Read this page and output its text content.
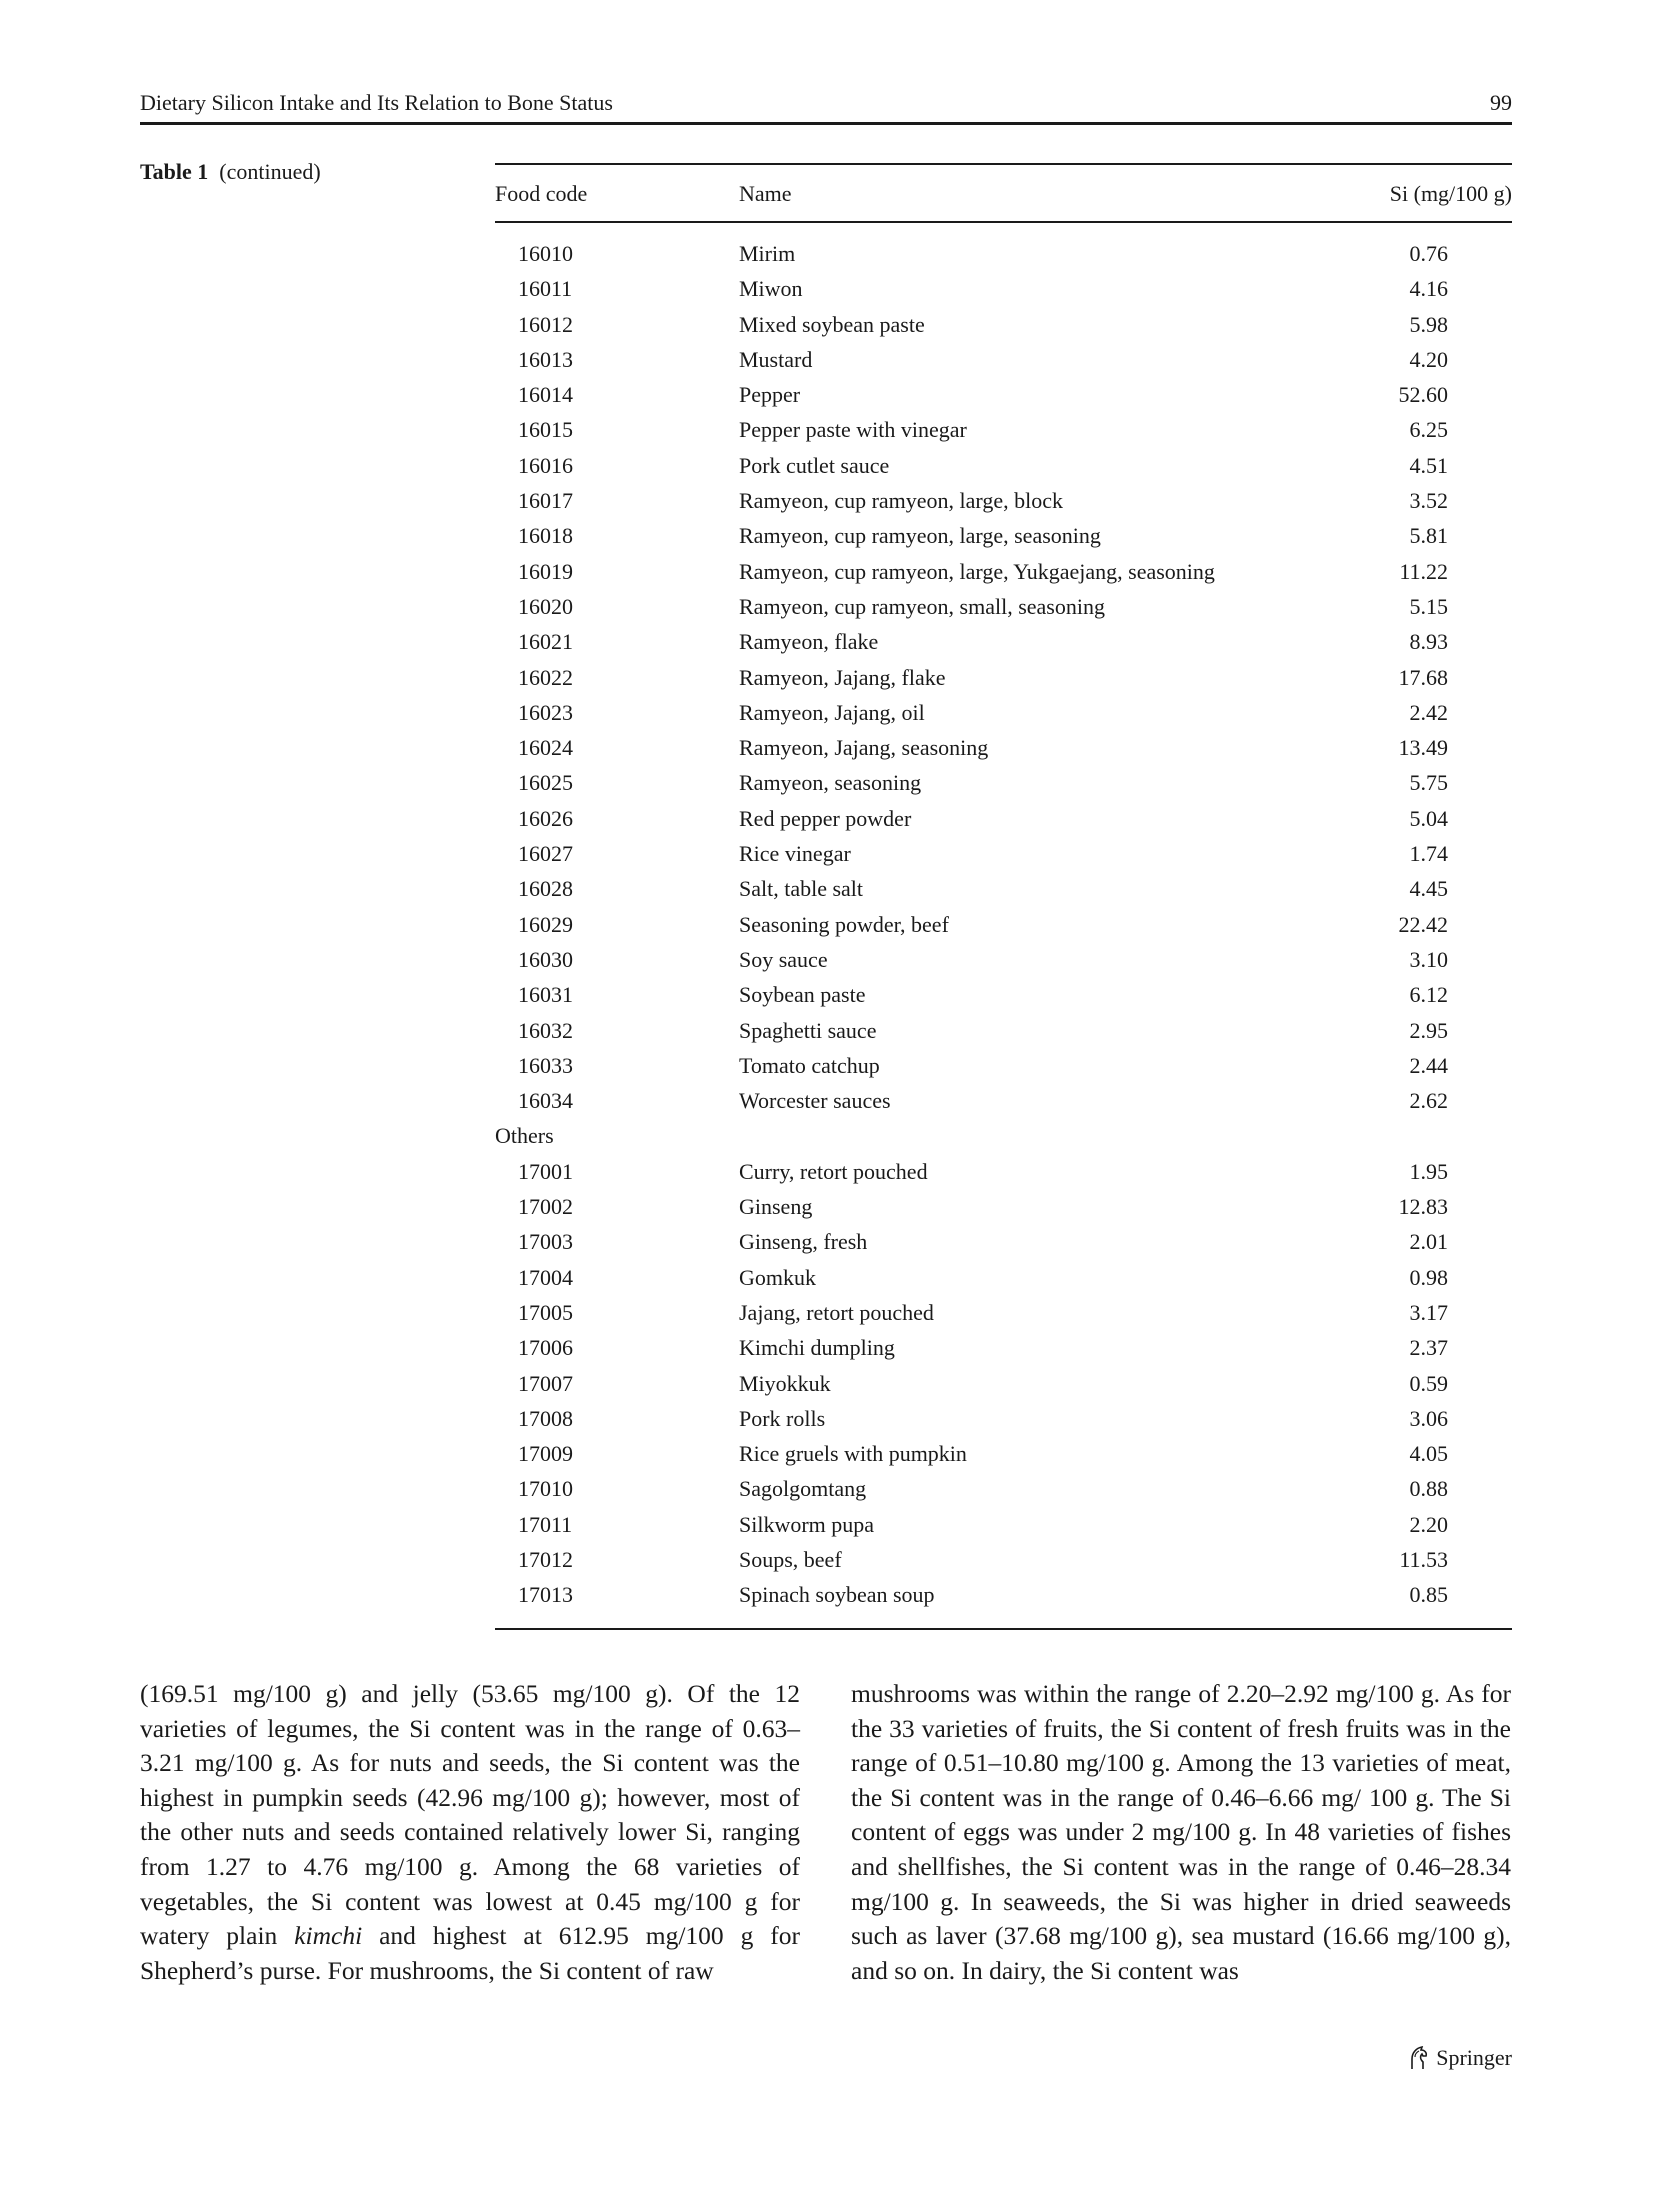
Dietary Silicon Intake and Its Relation to Bone Status	99
Table 1 (continued)
Food code	Name	Si (mg/100 g)
16010	Mirim	0.76
16011	Miwon	4.16
16012	Mixed soybean paste	5.98
16013	Mustard	4.20
16014	Pepper	52.60
16015	Pepper paste with vinegar	6.25
16016	Pork cutlet sauce	4.51
16017	Ramyeon, cup ramyeon, large, block	3.52
16018	Ramyeon, cup ramyeon, large, seasoning	5.81
16019	Ramyeon, cup ramyeon, large, Yukgaejang, seasoning	11.22
16020	Ramyeon, cup ramyeon, small, seasoning	5.15
16021	Ramyeon, flake	8.93
16022	Ramyeon, Jajang, flake	17.68
16023	Ramyeon, Jajang, oil	2.42
16024	Ramyeon, Jajang, seasoning	13.49
16025	Ramyeon, seasoning	5.75
16026	Red pepper powder	5.04
16027	Rice vinegar	1.74
16028	Salt, table salt	4.45
16029	Seasoning powder, beef	22.42
16030	Soy sauce	3.10
16031	Soybean paste	6.12
16032	Spaghetti sauce	2.95
16033	Tomato catchup	2.44
16034	Worcester sauces	2.62
Others
17001	Curry, retort pouched	1.95
17002	Ginseng	12.83
17003	Ginseng, fresh	2.01
17004	Gomkuk	0.98
17005	Jajang, retort pouched	3.17
17006	Kimchi dumpling	2.37
17007	Miyokkuk	0.59
17008	Pork rolls	3.06
17009	Rice gruels with pumpkin	4.05
17010	Sagolgomtang	0.88
17011	Silkworm pupa	2.20
17012	Soups, beef	11.53
17013	Spinach soybean soup	0.85
(169.51 mg/100 g) and jelly (53.65 mg/100 g). Of the 12 varieties of legumes, the Si content was in the range of 0.63–3.21 mg/100 g. As for nuts and seeds, the Si content was the highest in pumpkin seeds (42.96 mg/100 g); however, most of the other nuts and seeds contained relatively lower Si, ranging from 1.27 to 4.76 mg/100 g. Among the 68 varieties of vegetables, the Si content was lowest at 0.45 mg/100 g for watery plain kimchi and highest at 612.95 mg/100 g for Shepherd’s purse. For mushrooms, the Si content of raw
mushrooms was within the range of 2.20–2.92 mg/100 g. As for the 33 varieties of fruits, the Si content of fresh fruits was in the range of 0.51–10.80 mg/100 g. Among the 13 varieties of meat, the Si content was in the range of 0.46–6.66 mg/ 100 g. The Si content of eggs was under 2 mg/100 g. In 48 varieties of fishes and shellfishes, the Si content was in the range of 0.46–28.34 mg/100 g. In seaweeds, the Si was higher in dried seaweeds such as laver (37.68 mg/100 g), sea mustard (16.66 mg/100 g), and so on. In dairy, the Si content was
Springer
